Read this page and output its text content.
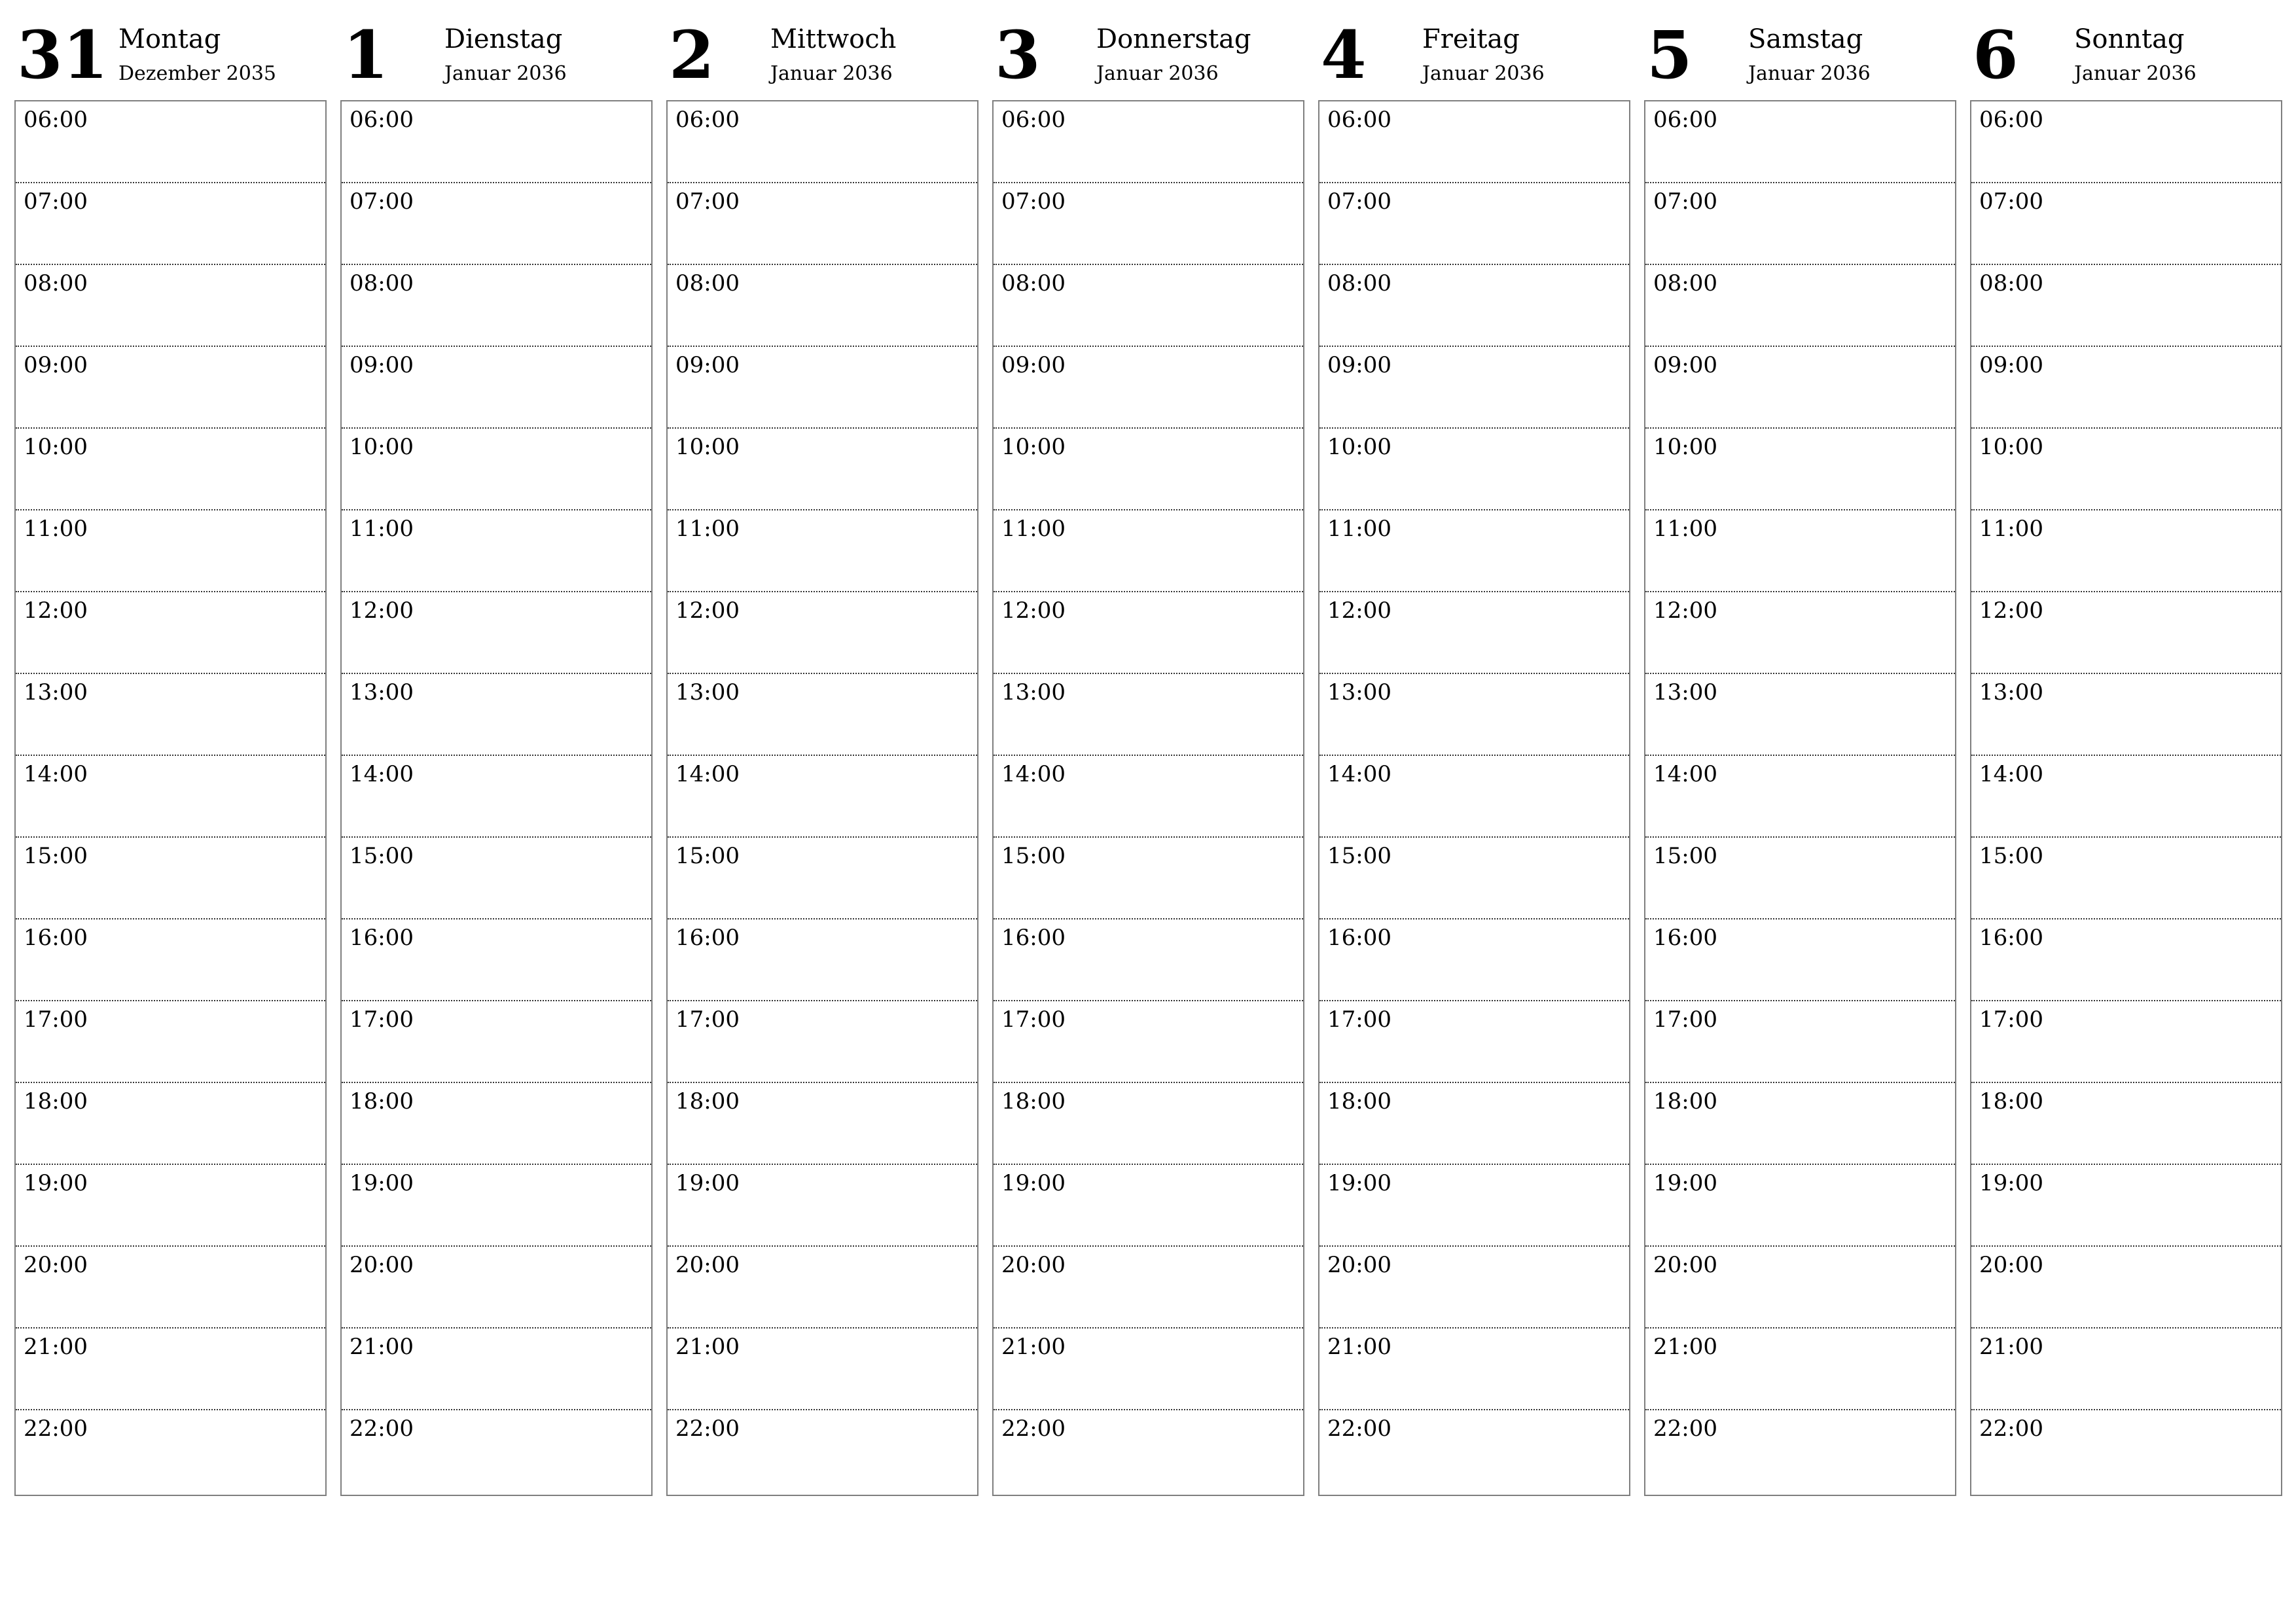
31 Montag
Dezember 2035
06:00
07:00
08:00
09:00
10:00
11:00
12:00
13:00
14:00
15:00
16:00
17:00
18:00
19:00
20:00
21:00
22:00
1 Dienstag
Januar 2036
06:00
07:00
08:00
09:00
10:00
11:00
12:00
13:00
14:00
15:00
16:00
17:00
18:00
19:00
20:00
21:00
22:00
2 Mittwoch
Januar 2036
06:00
07:00
08:00
09:00
10:00
11:00
12:00
13:00
14:00
15:00
16:00
17:00
18:00
19:00
20:00
21:00
22:00
3 Donnerstag
Januar 2036
06:00
07:00
08:00
09:00
10:00
11:00
12:00
13:00
14:00
15:00
16:00
17:00
18:00
19:00
20:00
21:00
22:00
4 Freitag
Januar 2036
06:00
07:00
08:00
09:00
10:00
11:00
12:00
13:00
14:00
15:00
16:00
17:00
18:00
19:00
20:00
21:00
22:00
5 Samstag
Januar 2036
06:00
07:00
08:00
09:00
10:00
11:00
12:00
13:00
14:00
15:00
16:00
17:00
18:00
19:00
20:00
21:00
22:00
6 Sonntag
Januar 2036
06:00
07:00
08:00
09:00
10:00
11:00
12:00
13:00
14:00
15:00
16:00
17:00
18:00
19:00
20:00
21:00
22:00
